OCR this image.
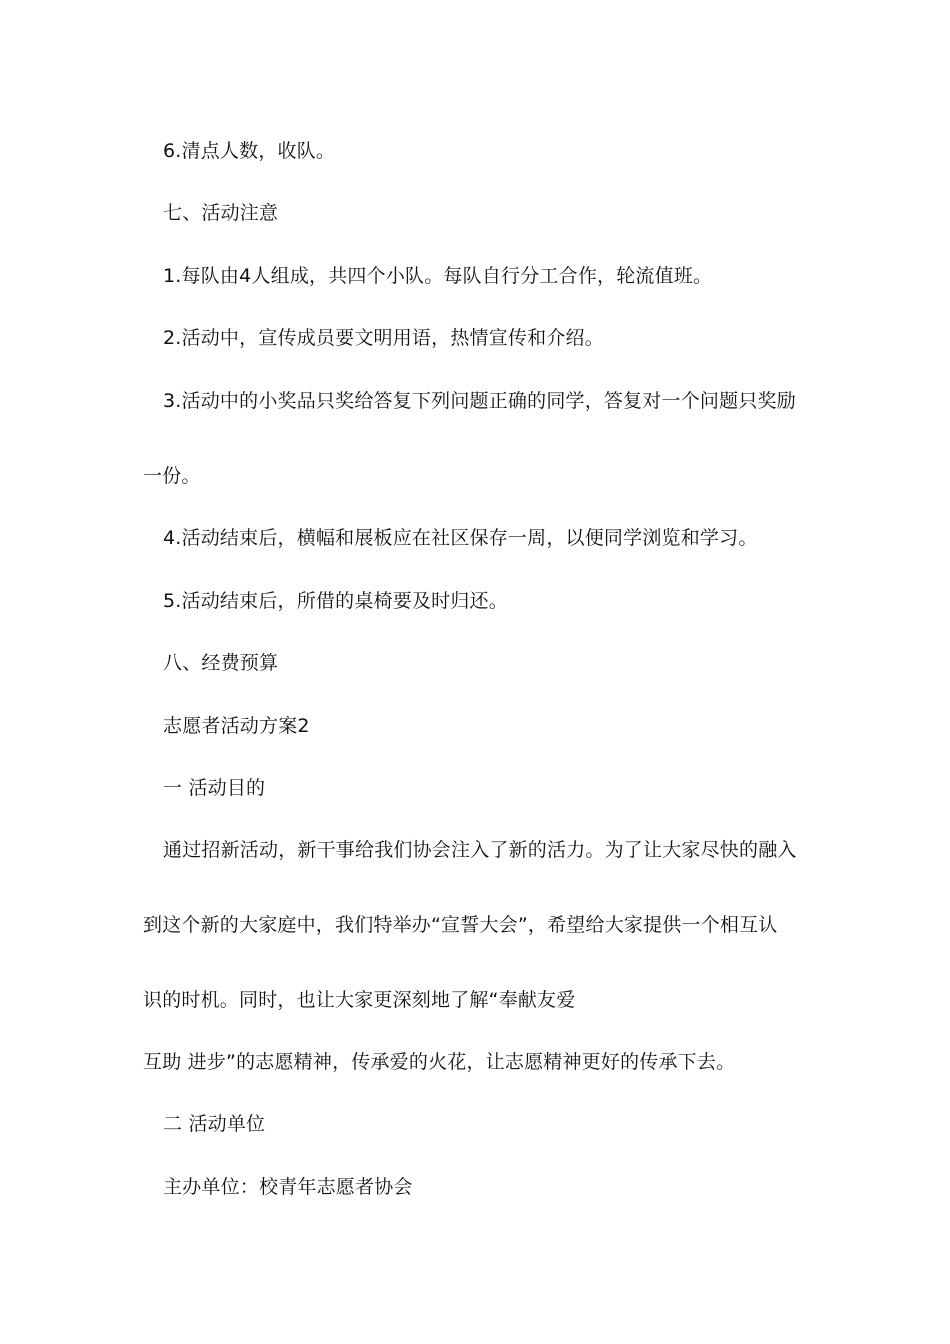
6.清点人数，收队。
七、活动注意
1.每队由4人组成，共四个小队。每队自行分工合作，轮流值班。
2.活动中，宣传成员要文明用语，热情宣传和介绍。
3.活动中的小奖品只奖给答复下列问题正确的同学，答复对一个问题只奖励
一份。
4.活动结束后，横幅和展板应在社区保存一周，以便同学浏览和学习。
5.活动结束后，所借的桌椅要及时归还。
八、经费预算
志愿者活动方案2
一 活动目的
通过招新活动，新干事给我们协会注入了新的活力。为了让大家尽快的融入
到这个新的大家庭中，我们特举办“宣誓大会”，希望给大家提供一个相互认
识的时机。同时，也让大家更深刻地了解“奉献友爱
互助 进步”的志愿精神，传承爱的火花，让志愿精神更好的传承下去。
二 活动单位
主办单位：校青年志愿者协会
